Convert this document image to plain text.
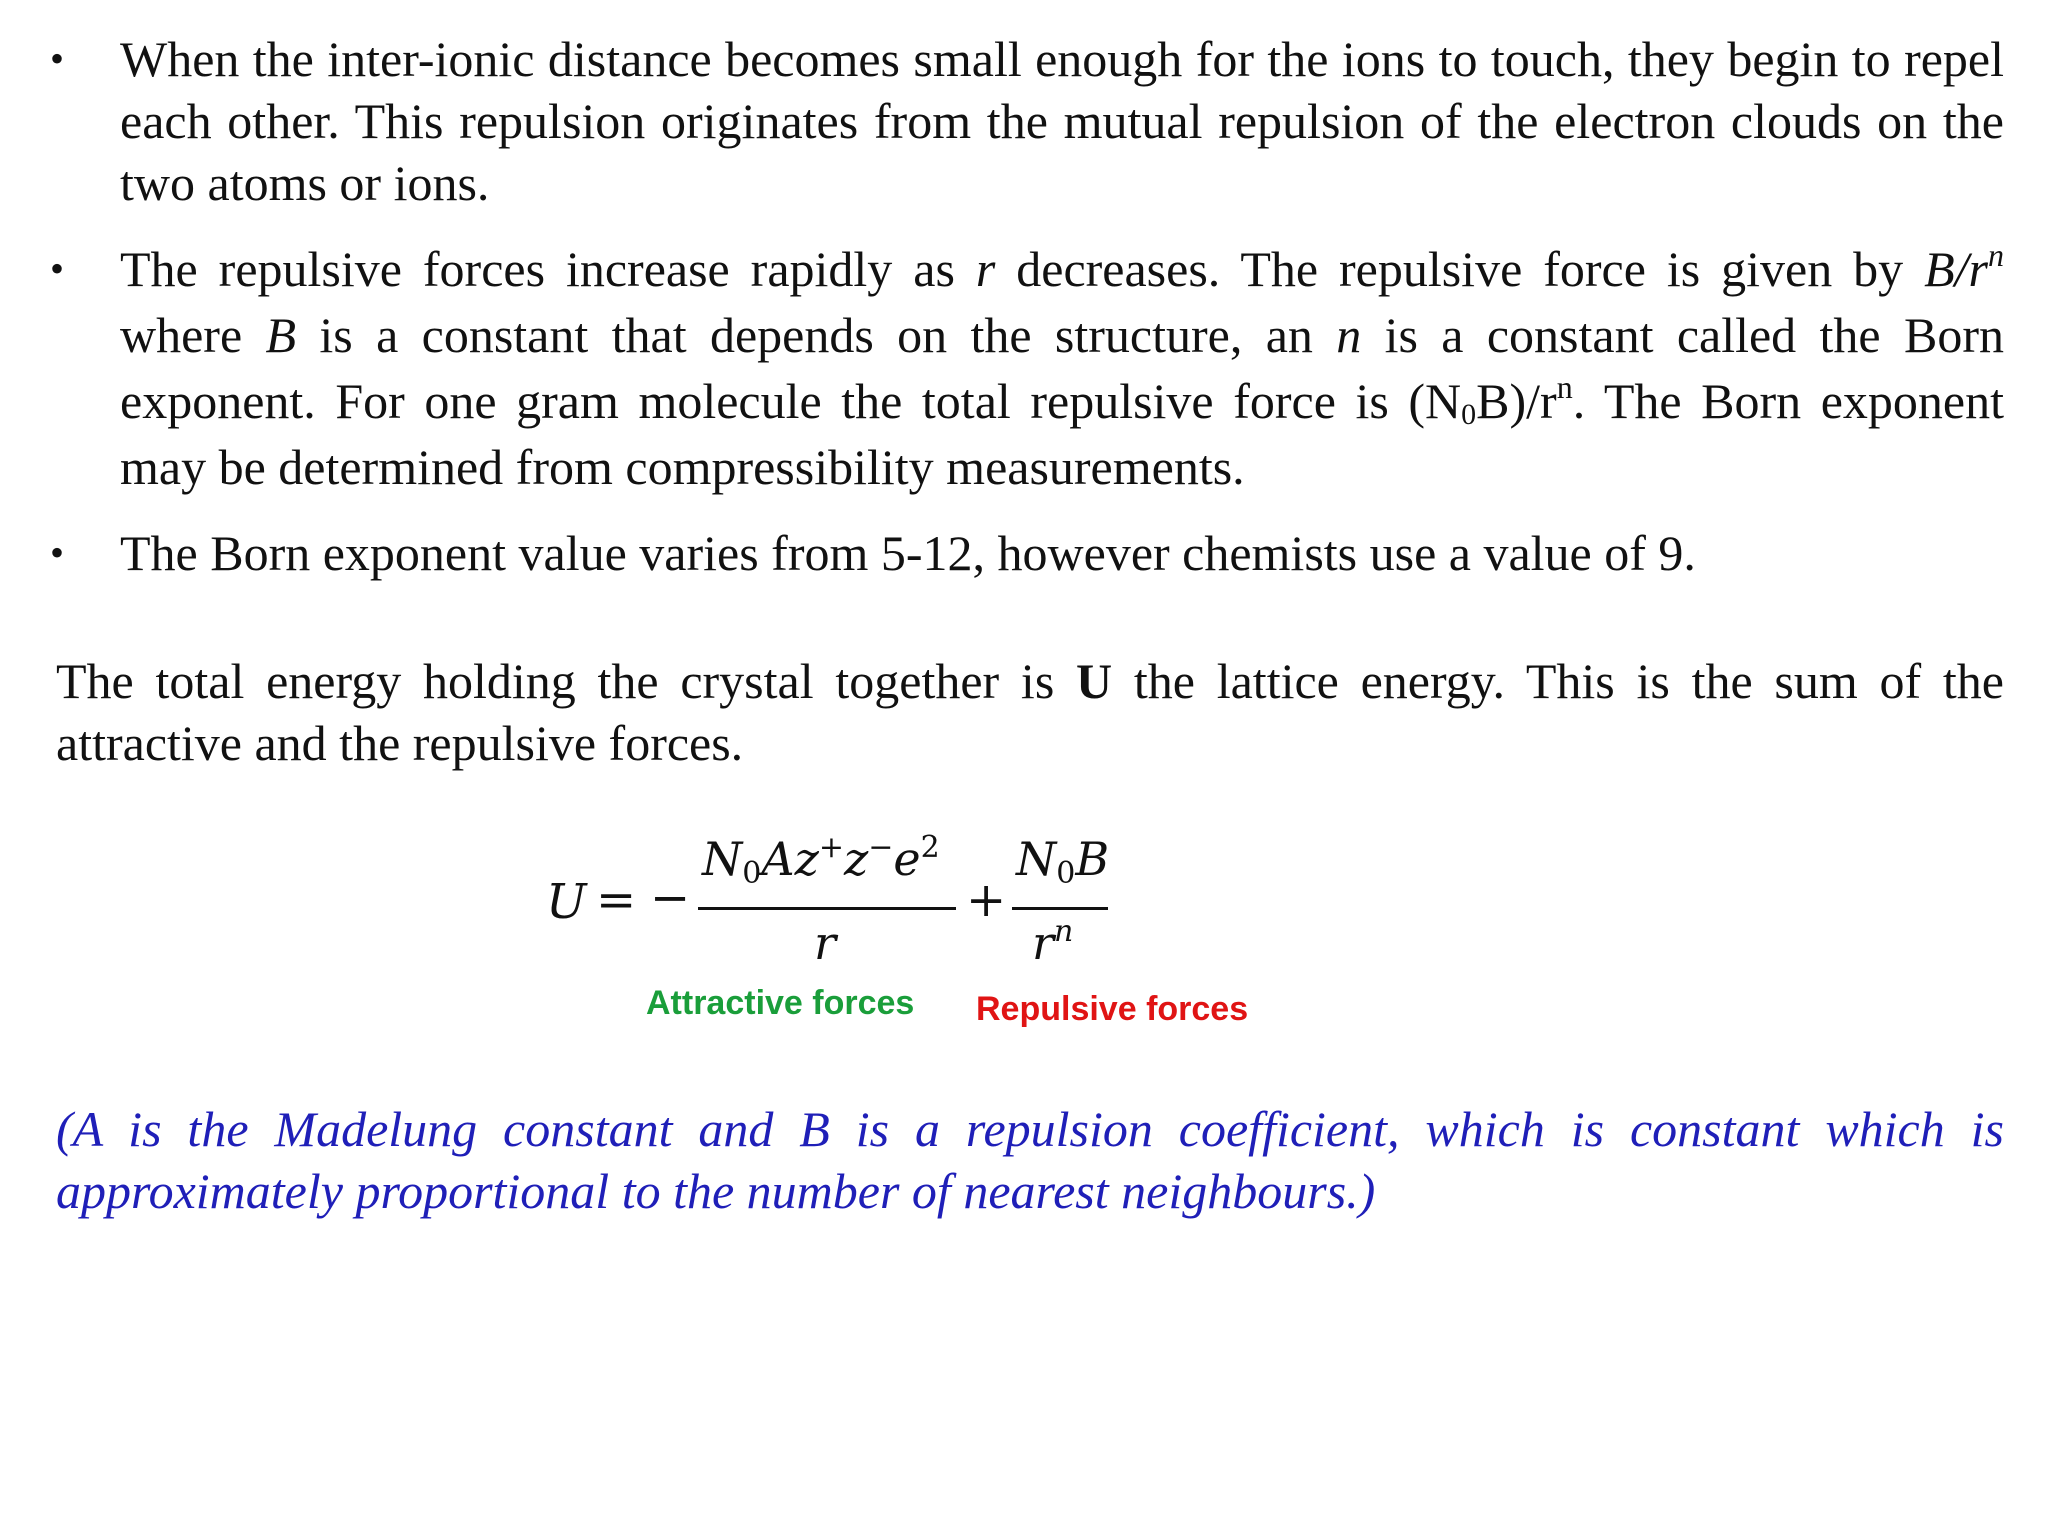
• When the inter-ionic distance becomes small enough for the ions to touch, they begin to repel each other. This repulsion originates from the mutual repulsion of the electron clouds on the two atoms or ions.
• The repulsive forces increase rapidly as r decreases. The repulsive force is given by $B/r^n$ where B is a constant that depends on the structure, an n is a constant called the Born exponent. For one gram molecule the total repulsive force is $(N_0B)/r^n$. The Born exponent may be determined from compressibility measurements.
• The Born exponent value varies from 5-12, however chemists use a value of 9.

The total energy holding the crystal together is U the lattice energy. This is the sum of the attractive and the repulsive forces.

U = −
$N0Az^+z^-e^2$
r
+
N0B
$r^n$
Attractive forces Repulsive forces

(A is the Madelung constant and B is a repulsion coefficient, which is constant which is approximately proportional to the number of nearest neighbours.)
